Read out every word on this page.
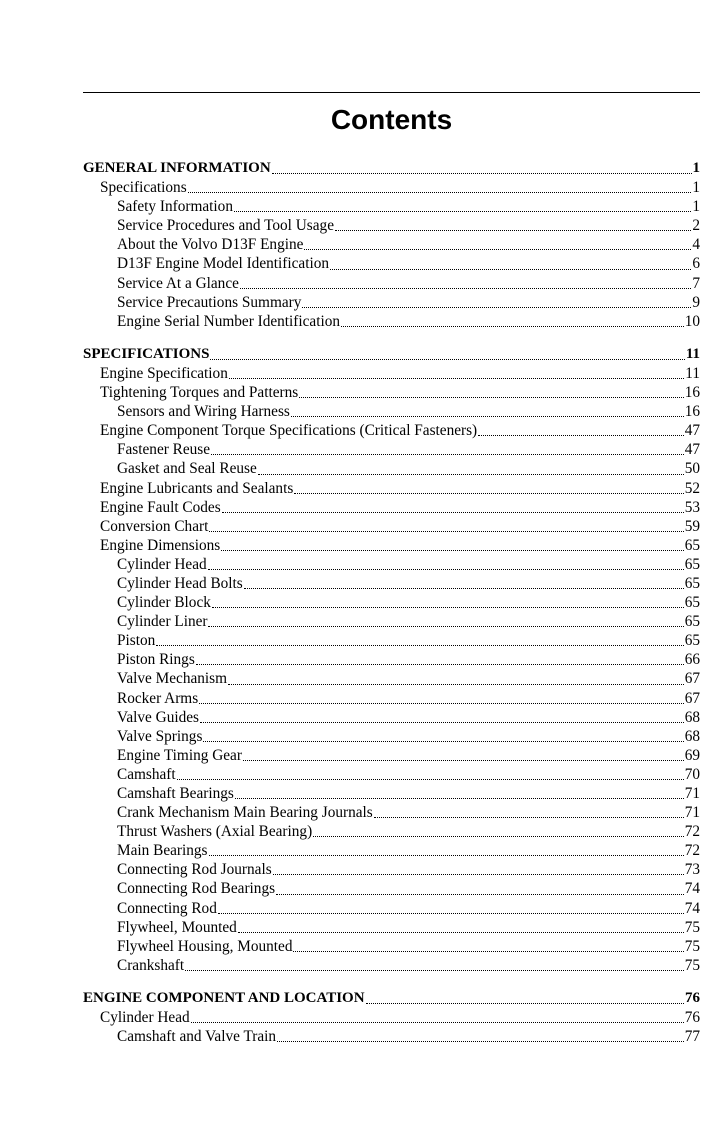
Contents
GENERAL INFORMATION	1
Specifications	1
Safety Information	1
Service Procedures and Tool Usage	2
About the Volvo D13F Engine	4
D13F Engine Model Identification	6
Service At a Glance	7
Service Precautions Summary	9
Engine Serial Number Identification	10
SPECIFICATIONS	11
Engine Specification	11
Tightening Torques and Patterns	16
Sensors and Wiring Harness	16
Engine Component Torque Specifications (Critical Fasteners)	47
Fastener Reuse	47
Gasket and Seal Reuse	50
Engine Lubricants and Sealants	52
Engine Fault Codes	53
Conversion Chart	59
Engine Dimensions	65
Cylinder Head	65
Cylinder Head Bolts	65
Cylinder Block	65
Cylinder Liner	65
Piston	65
Piston Rings	66
Valve Mechanism	67
Rocker Arms	67
Valve Guides	68
Valve Springs	68
Engine Timing Gear	69
Camshaft	70
Camshaft Bearings	71
Crank Mechanism Main Bearing Journals	71
Thrust Washers (Axial Bearing)	72
Main Bearings	72
Connecting Rod Journals	73
Connecting Rod Bearings	74
Connecting Rod	74
Flywheel, Mounted	75
Flywheel Housing, Mounted	75
Crankshaft	75
ENGINE COMPONENT AND LOCATION	76
Cylinder Head	76
Camshaft and Valve Train	77
